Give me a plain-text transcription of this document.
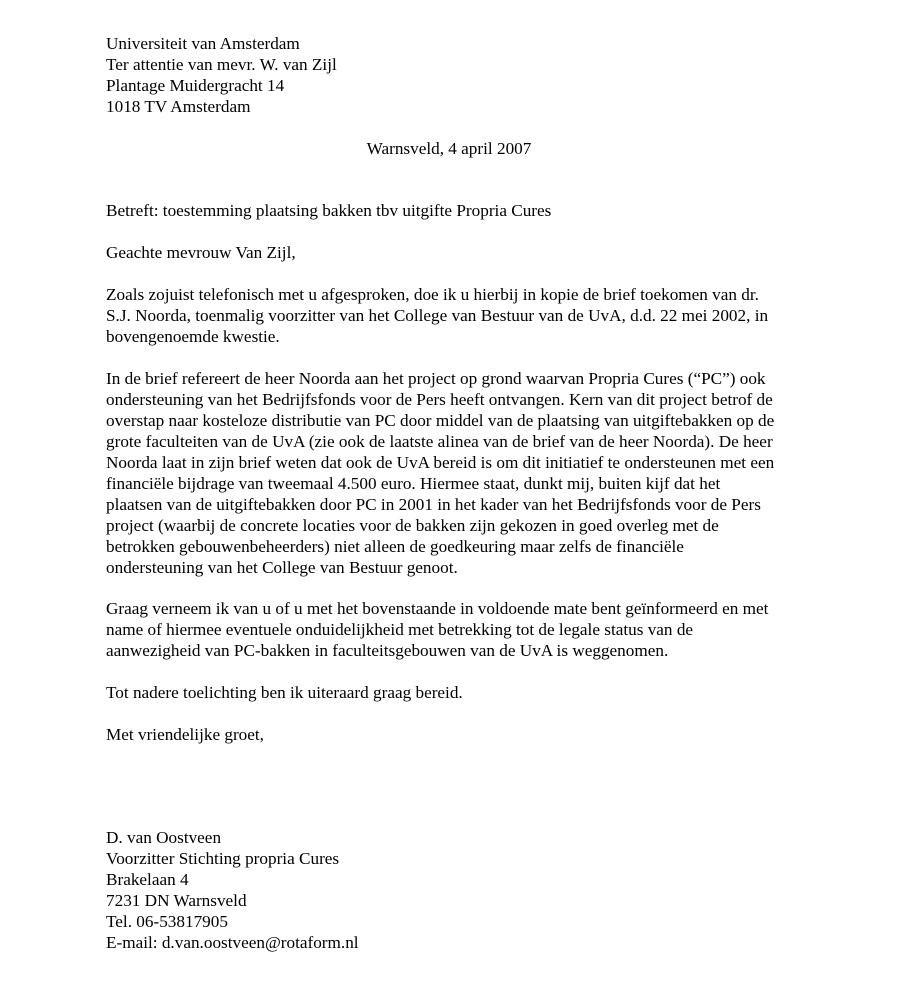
Universiteit van Amsterdam
Ter attentie van mevr. W. van Zijl
Plantage Muidergracht 14
1018 TV Amsterdam
Warnsveld, 4 april 2007
Betreft: toestemming plaatsing bakken tbv uitgifte Propria Cures
Geachte mevrouw Van Zijl,
Zoals zojuist telefonisch met u afgesproken, doe ik u hierbij in kopie de brief toekomen van dr.
S.J. Noorda, toenmalig voorzitter van het College van Bestuur van de UvA, d.d. 22 mei 2002, in
bovengenoemde kwestie.
In de brief refereert de heer Noorda aan het project op grond waarvan Propria Cures (“PC”) ook
ondersteuning van het Bedrijfsfonds voor de Pers heeft ontvangen. Kern van dit project betrof de
overstap naar kosteloze distributie van PC door middel van de plaatsing van uitgiftebakken op de
grote faculteiten van de UvA (zie ook de laatste alinea van de brief van de heer Noorda). De heer
Noorda laat in zijn brief weten dat ook de UvA bereid is om dit initiatief te ondersteunen met een
financiële bijdrage van tweemaal 4.500 euro. Hiermee staat, dunkt mij, buiten kijf dat het
plaatsen van de uitgiftebakken door PC in 2001 in het kader van het Bedrijfsfonds voor de Pers
project (waarbij de concrete locaties voor de bakken zijn gekozen in goed overleg met de
betrokken gebouwenbeheerders) niet alleen de goedkeuring maar zelfs de financiële
ondersteuning van het College van Bestuur genoot.
Graag verneem ik van u of u met het bovenstaande in voldoende mate bent geïnformeerd en met
name of hiermee eventuele onduidelijkheid met betrekking tot de legale status van de
aanwezigheid van PC-bakken in faculteitsgebouwen van de UvA is weggenomen.
Tot nadere toelichting ben ik uiteraard graag bereid.
Met vriendelijke groet,
D. van Oostveen
Voorzitter Stichting propria Cures
Brakelaan 4
7231 DN Warnsveld
Tel. 06-53817905
E-mail: d.van.oostveen@rotaform.nl
